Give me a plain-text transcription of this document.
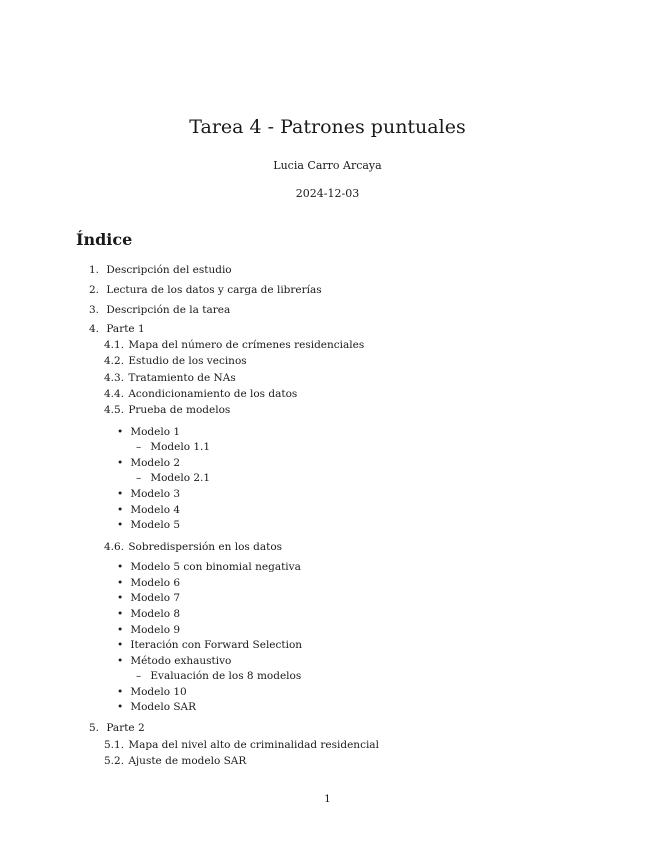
Tarea 4 - Patrones puntuales
Lucia Carro Arcaya
2024-12-03
Índice
1. Descripción del estudio
2. Lectura de los datos y carga de librerías
3. Descripción de la tarea
4. Parte 1
4.1. Mapa del número de crímenes residenciales
4.2. Estudio de los vecinos
4.3. Tratamiento de NAs
4.4. Acondicionamiento de los datos
4.5. Prueba de modelos
• Modelo 1
– Modelo 1.1
• Modelo 2
– Modelo 2.1
• Modelo 3
• Modelo 4
• Modelo 5
4.6. Sobredispersión en los datos
• Modelo 5 con binomial negativa
• Modelo 6
• Modelo 7
• Modelo 8
• Modelo 9
• Iteración con Forward Selection
• Método exhaustivo
– Evaluación de los 8 modelos
• Modelo 10
• Modelo SAR
5. Parte 2
5.1. Mapa del nivel alto de criminalidad residencial
5.2. Ajuste de modelo SAR
1
